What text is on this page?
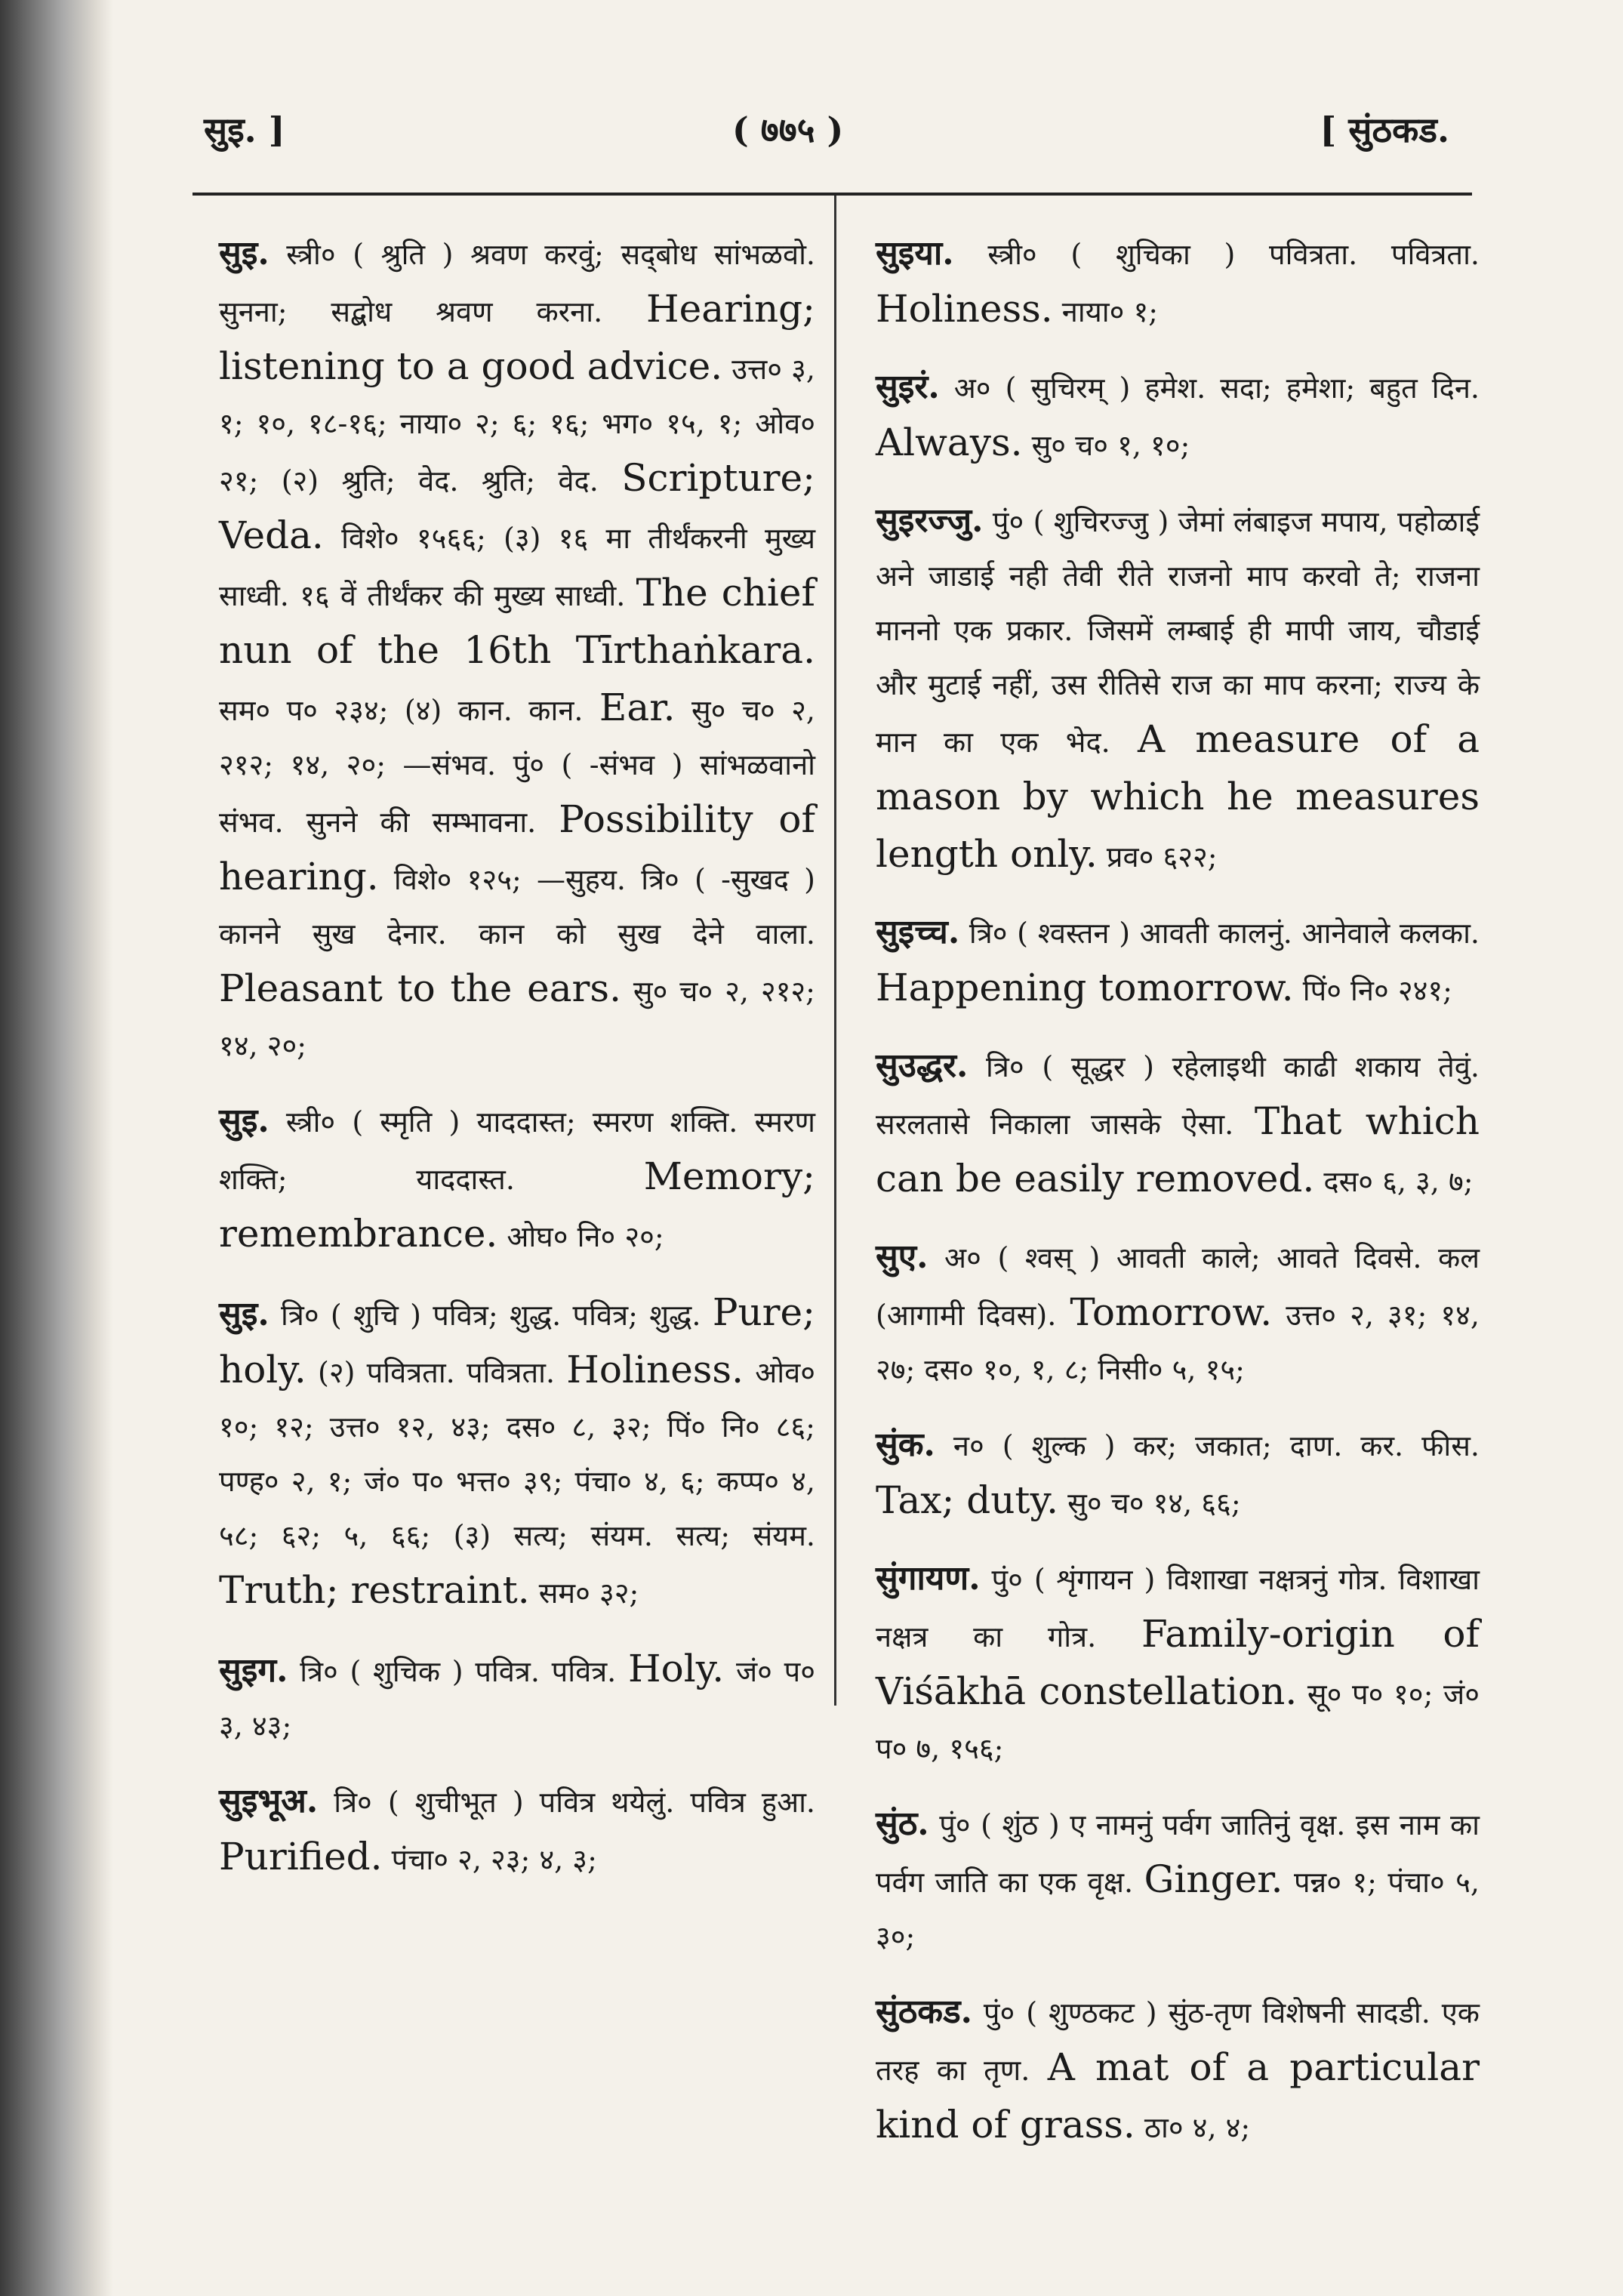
सुइ. ]	( ७७५ )	[ सुंठकड.

सुइ. स्त्री० ( श्रुति ) श्रवण करवुं; सद्‌बोध सांभळवो. सुनना; सद्बोध श्रवण करना. Hearing; listening to a good advice. उत्त० ३, १; १०, १८-१६; नाया० २; ६; १६; भग० १५, १; ओव० २१; (२) श्रुति; वेद. श्रुति; वेद. Scripture; Veda. विशे० १५६६; (३) १६ मा तीर्थंकरनी मुख्य साध्वी. १६ वें तीर्थंकर की मुख्य साध्वी. The chief nun of the 16th Tīrthaṅkara. सम० प० २३४; (४) कान. कान. Ear. सु० च० २, २१२; १४, २०; —संभव. पुं० ( -संभव ) सांभळवानो संभव. सुनने की सम्भावना. Possibility of hearing. विशे० १२५; —सुहय. त्रि० ( -सुखद ) कानने सुख देनार. कान को सुख देने वाला. Pleasant to the ears. सु० च० २, २१२; १४, २०;

सुइ. स्त्री० ( स्मृति ) याददास्त; स्मरण शक्ति. स्मरण शक्ति; याददास्त.	Memory; remembrance. ओघ० नि० २०;

सुइ. त्रि० ( शुचि ) पवित्र; शुद्ध. पवित्र; शुद्ध. Pure; holy. (२) पवित्रता. पवित्रता. Holiness. ओव० १०; १२; उत्त० १२, ४३; दस० ८, ३२; पिं० नि० ८६; पण्ह० २, १; जं० प० भत्त० ३९; पंचा० ४, ६; कप्प० ४, ५८; ६२; ५, ६६; (३) सत्य; संयम. सत्य; संयम. Truth; restraint. सम० ३२;

सुइग. त्रि० ( शुचिक ) पवित्र. पवित्र. Holy. जं० प० ३, ४३;

सुइभूअ. त्रि० ( शुचीभूत ) पवित्र थयेलुं. पवित्र हुआ. Purified. पंचा० २, २३; ४, ३;

सुइया. स्त्री० ( शुचिका ) पवित्रता. पवित्रता. Holiness. नाया० १;

सुइरं. अ० ( सुचिरम् ) हमेश. सदा; हमेशा; बहुत दिन. Always. सु० च० १, १०;

सुइरज्जु. पुं० ( शुचिरज्जु ) जेमां लंबाइज मपाय, पहोळाई अने जाडाई नही तेवी रीते राजनो माप करवो ते; राजना माननो एक प्रकार. जिसमें लम्बाई ही मापी जाय, चौडाई और मुटाई नहीं, उस रीतिसे राज का माप करना; राज्य के मान का एक भेद. A measure of a mason by which he measures length only. प्रव० ६२२;

सुइच्च. त्रि० ( श्वस्तन ) आवती कालनुं. आनेवाले कलका. Happening tomorrow. पिं० नि० २४१;

सुउद्धर. त्रि० ( सूद्धर ) रहेलाइथी काढी शकाय तेवुं. सरलतासे निकाला जासके ऐसा. That which can be easily removed. दस० ६, ३, ७;

सुए. अ० ( श्वस् ) आवती काले; आवते दिवसे. कल (आगामी दिवस). Tomorrow. उत्त० २, ३१; १४, २७; दस० १०, १, ८; निसी० ५, १५;

सुंक. न० ( शुल्क ) कर; जकात; दाण. कर. फीस. Tax; duty. सु० च० १४, ६६;

सुंगायण. पुं० ( शृंगायन ) विशाखा नक्षत्रनुं गोत्र. विशाखा नक्षत्र का गोत्र. Family-origin of Viśākhā constellation. सू० प० १०; जं० प० ७, १५६;

सुंठ. पुं० ( शुंठ ) ए नामनुं पर्वग जातिनुं वृक्ष. इस नाम का पर्वग जाति का एक वृक्ष. Ginger. पन्न० १; पंचा० ५, ३०;

सुंठकड. पुं० ( शुण्ठकट ) सुंठ-तृण विशेषनी सादडी. एक तरह का तृण. A mat of a particular kind of grass. ठा० ४, ४;
